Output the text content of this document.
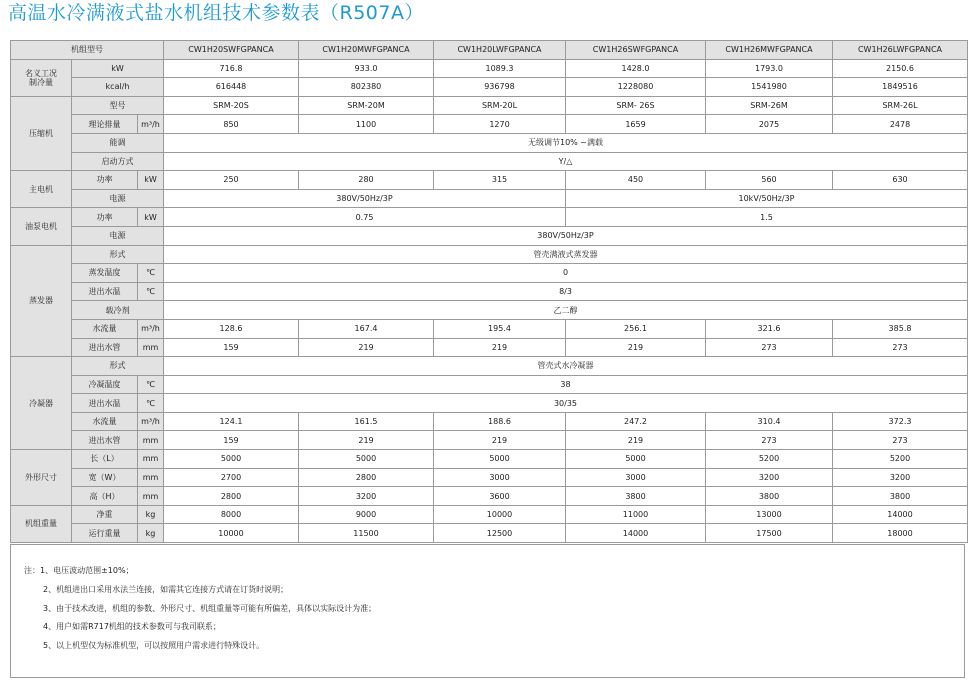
高温水冷满液式盐水机组技术参数表（R507A）
机组型号			CW1H20SWFGPANCA	CW1H20MWFGPANCA	CW1H20LWFGPANCA	CW1H26SWFGPANCA	CW1H26MWFGPANCA	CW1H26LWFGPANCA
名义工况
制冷量	kW		716.8	933.0	1089.3	1428.0	1793.0	2150.6
	kcal/h		616448	802380	936798	1228080	1541980	1849516
压缩机	型号		SRM-20S	SRM-20M	SRM-20L	SRM- 26S	SRM-26M	SRM-26L
	理论排量	m³/h	850	1100	1270	1659	2075	2478
	能调		无级调节10% ~满载					
	启动方式		Y/△					
主电机	功率	kW	250	280	315	450	560	630
	电源		380V/50Hz/3P			10kV/50Hz/3P		
油泵电机	功率	kW	0.75			1.5		
	电源		380V/50Hz/3P					
蒸发器	形式		管壳满液式蒸发器					
	蒸发温度	℃	0					
	进出水温	℃	8/3					
	载冷剂		乙二醇					
	水流量	m³/h	128.6	167.4	195.4	256.1	321.6	385.8
	进出水管	mm	159	219	219	219	273	273
冷凝器	形式		管壳式水冷凝器					
	冷凝温度	℃	38					
	进出水温	℃	30/35					
	水流量	m³/h	124.1	161.5	188.6	247.2	310.4	372.3
	进出水管	mm	159	219	219	219	273	273
外形尺寸	长（L）	mm	5000	5000	5000	5000	5200	5200
	宽（W）	mm	2700	2800	3000	3000	3200	3200
	高（H）	mm	2800	3200	3600	3800	3800	3800
机组重量	净重	kg	8000	9000	10000	11000	13000	14000
	运行重量	kg	10000	11500	12500	14000	17500	18000
注：1、电压波动范围±10%；
2、机组进出口采用水法兰连接，如需其它连接方式请在订货时说明；
3、由于技术改进，机组的参数、外形尺寸、机组重量等可能有所偏差，具体以实际设计为准；
4、用户如需R717机组的技术参数可与我司联系；
5、以上机型仅为标准机型，可以按照用户需求进行特殊设计。
